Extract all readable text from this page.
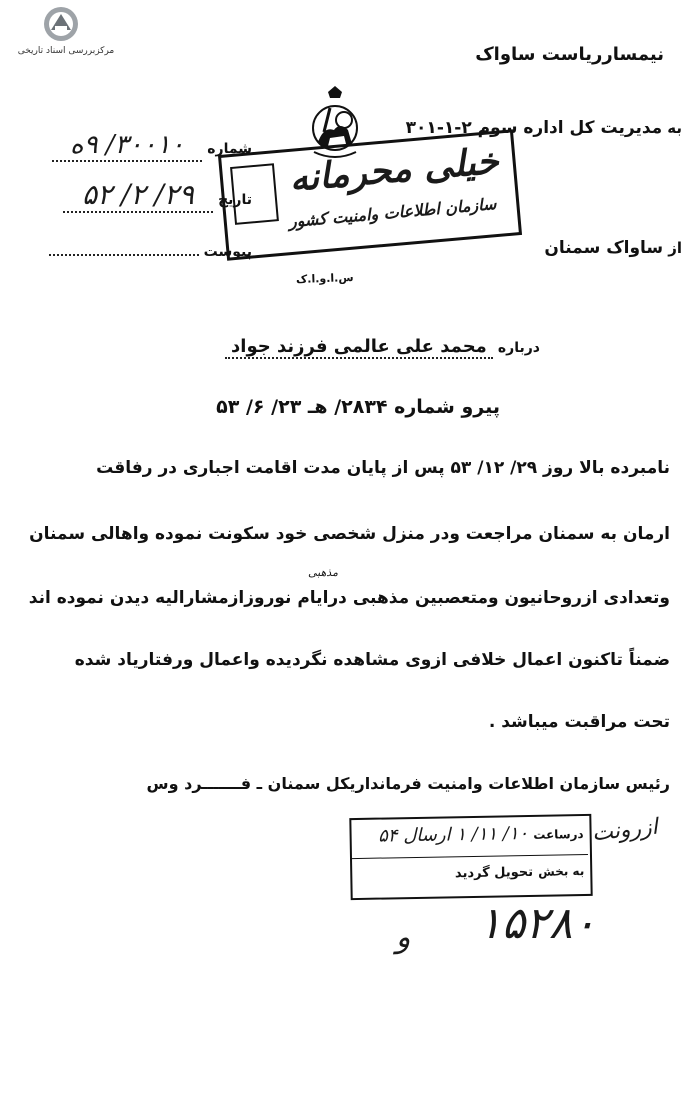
مرکزبررسی اسناد تاریخی	نیمسارریاست ساواک
به مدیریت کل اداره سوم ۲-۱-۳۰۱
از ساواک سمنان
شماره ۳۰۰۱۰/ ۹ه
تاریخ ۲۹/ ۲/ ۵۲
پیوست
س.ا.و.ا.ک
خیلی محرمانه
سازمان اطلاعات وامنیت کشور
درباره محمد علی عالمی فرزند جواد
پیرو شماره ۲۸۳۴/ هـ ۲۳/ ۶/ ۵۳
نامبرده بالا روز ۲۹/ ۱۲/ ۵۳ پس از پایان مدت اقامت اجباری در رفاقت
ارمان به سمنان مراجعت ودر منزل شخصی خود سکونت نموده واهالی سمنان
مذهبی
وتعدادی ازروحانیون ومتعصبین مذهبی درایام نوروزازمشارالیه دیدن نموده اند
ضمناً تاکنون اعمال خلافی ازوی مشاهده نگردیده واعمال ورفتاریاد شده
تحت مراقبت میباشد .
رئیس سازمان اطلاعات وامنیت فرمانداریکل سمنان ـ فـــــــرد وس
ازرونت
درساعت ۱۰/ ۱۱/ ۱ ارسال ۵۴
به بخش تحویل گردید
و ۱۵۲۸۰
